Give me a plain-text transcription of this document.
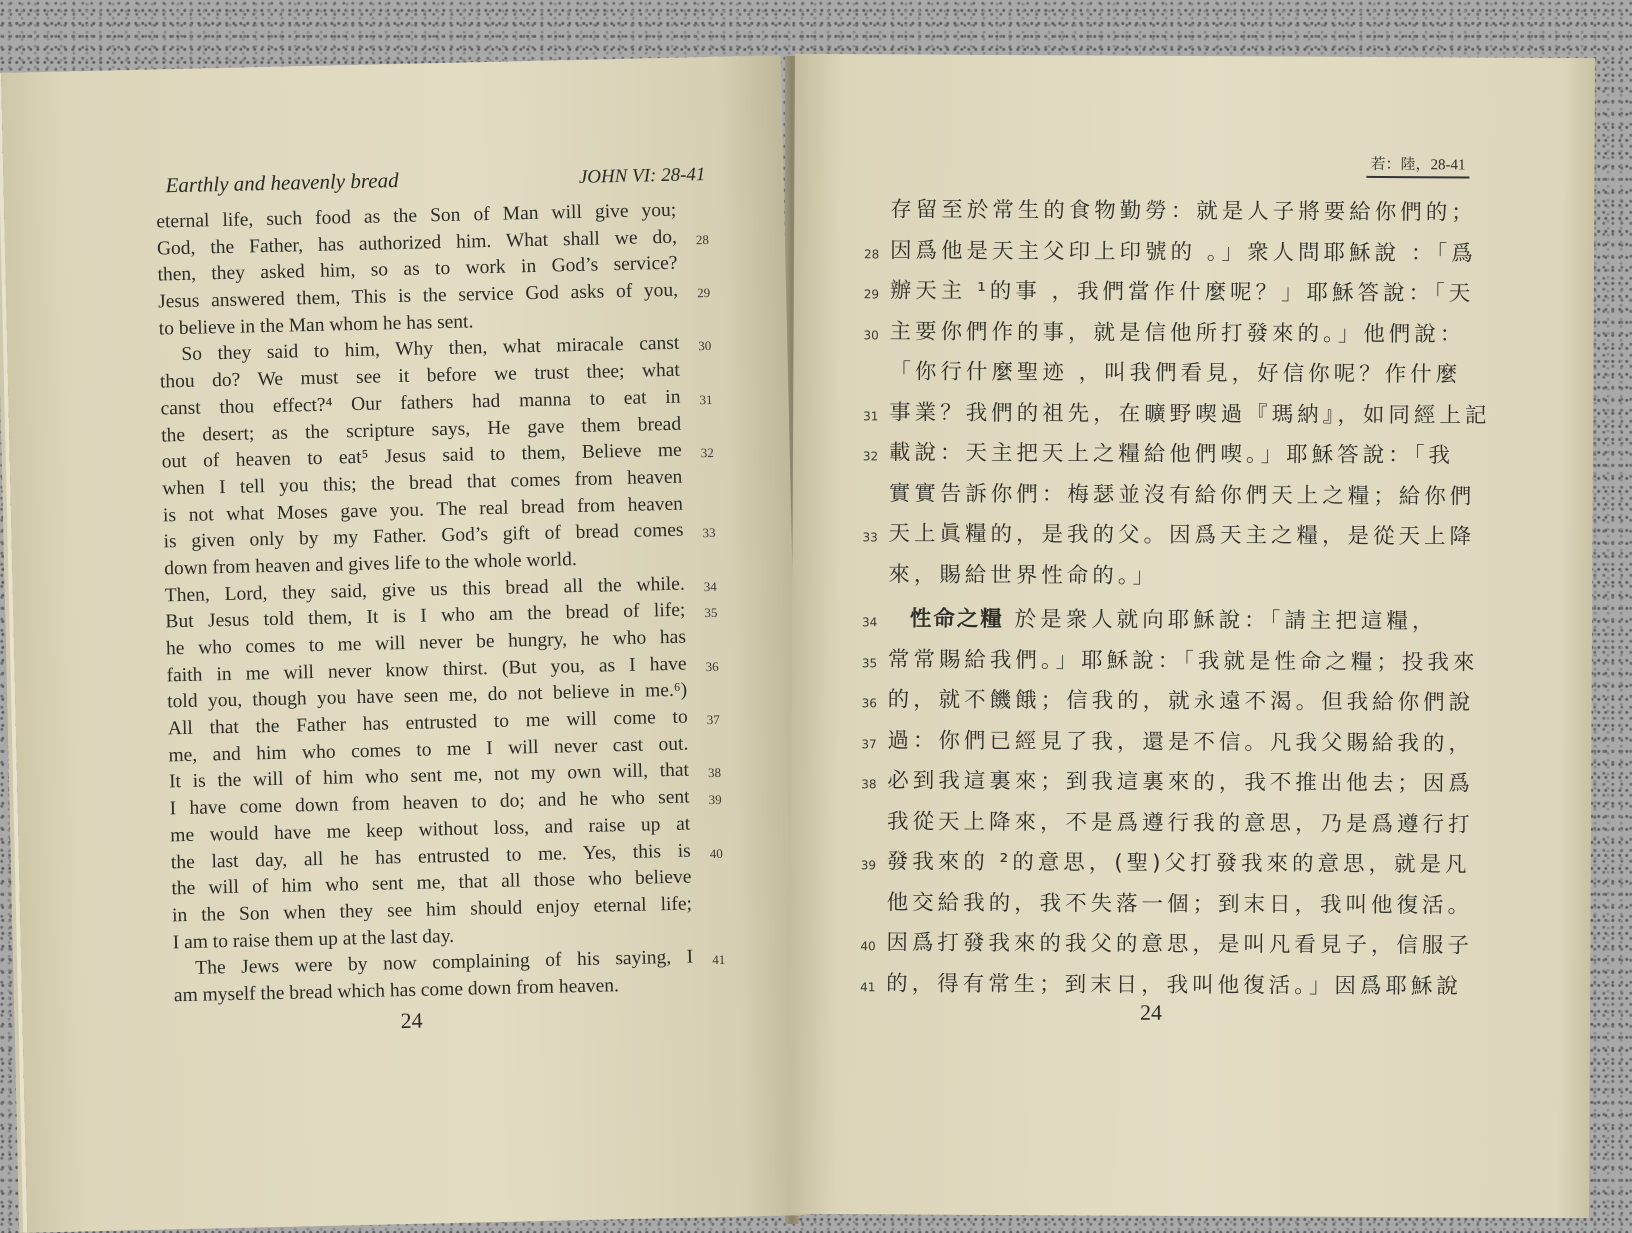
Earthly and heavenly bread	JOHN VI: 28-41
eternal life, such food as the Son of Man will give you;
God, the Father, has authorized him. What shall we do, 28
then, they asked him, so as to work in God’s service?
Jesus answered them, This is the service God asks of you, 29
to believe in the Man whom he has sent.
So they said to him, Why then, what miracale canst 30
thou do? We must see it before we trust thee; what
canst thou effect?⁴ Our fathers had manna to eat in 31
the desert; as the scripture says, He gave them bread
out of heaven to eat⁵ Jesus said to them, Believe me 32
when I tell you this; the bread that comes from heaven
is not what Moses gave you. The real bread from heaven
is given only by my Father. God’s gift of bread comes 33
down from heaven and gives life to the whole world.
Then, Lord, they said, give us this bread all the while. 34
But Jesus told them, It is I who am the bread of life; 35
he who comes to me will never be hungry, he who has
faith in me will never know thirst. (But you, as I have 36
told you, though you have seen me, do not believe in me.⁶)
All that the Father has entrusted to me will come to 37
me, and him who comes to me I will never cast out.
It is the will of him who sent me, not my own will, that 38
I have come down from heaven to do; and he who sent 39
me would have me keep without loss, and raise up at
the last day, all he has entrusted to me. Yes, this is 40
the will of him who sent me, that all those who believe
in the Son when they see him should enjoy eternal life;
I am to raise them up at the last day.
The Jews were by now complaining of his saying, I 41
am myself the bread which has come down from heaven.
24
若：陸，28-41
存留至於常生的食物勤勞：就是人子將要給你們的；
28 因爲他是天主父印上印號的 。」衆人問耶穌說 ：「爲
29 辦天主 ¹的事 ，我們當作什麼呢？」耶穌答說：「天
30 主要你們作的事，就是信他所打發來的。」他們說：
「你行什麼聖迹 ，叫我們看見，好信你呢？作什麼
31 事業？我們的祖先，在曠野喫過『瑪納』，如同經上記
32 載說：天主把天上之糧給他們喫。」耶穌答說：「我
實實告訴你們：梅瑟並沒有給你們天上之糧；給你們
33 天上眞糧的，是我的父。因爲天主之糧，是從天上降
來，賜給世界性命的。」
34 性命之糧 於是衆人就向耶穌說：「請主把這糧，
35 常常賜給我們。」耶穌說：「我就是性命之糧；投我來
36 的，就不饑餓；信我的，就永遠不渴。但我給你們說
37 過：你們已經見了我，還是不信。凡我父賜給我的，
38 必到我這裏來；到我這裏來的，我不推出他去；因爲
我從天上降來，不是爲遵行我的意思，乃是爲遵行打
39 發我來的 ²的意思，(聖)父打發我來的意思，就是凡
他交給我的，我不失落一個；到末日，我叫他復活。
40 因爲打發我來的我父的意思，是叫凡看見子，信服子
41 的，得有常生；到末日，我叫他復活。」因爲耶穌說
24
